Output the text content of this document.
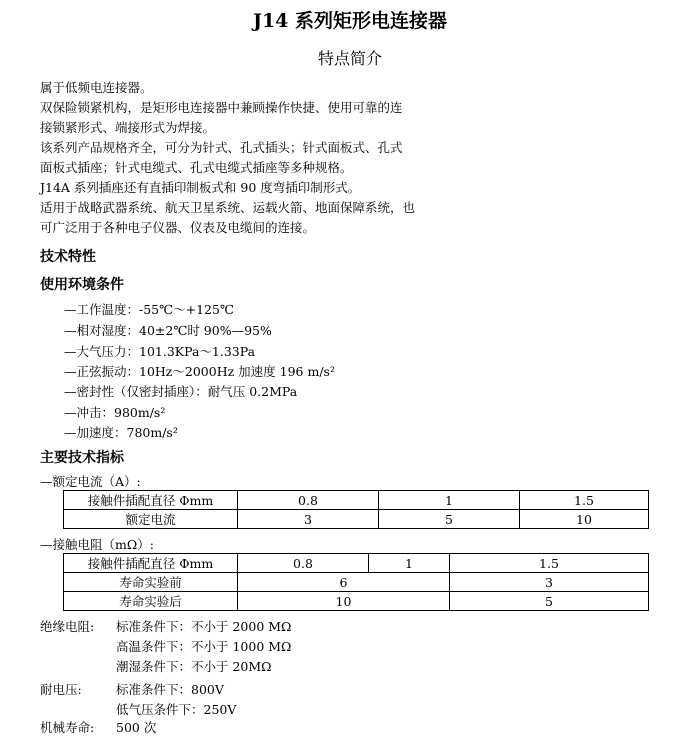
J14 系列矩形电连接器
特点简介
属于低频电连接器。
双保险锁紧机构，是矩形电连接器中兼顾操作快捷、使用可靠的连
接锁紧形式、端接形式为焊接。
该系列产品规格齐全，可分为针式、孔式插头；针式面板式、孔式
面板式插座；针式电缆式、孔式电缆式插座等多种规格。
J14A 系列插座还有直插印制板式和 90 度弯插印制形式。
适用于战略武器系统、航天卫星系统、运载火箭、地面保障系统，也
可广泛用于各种电子仪器、仪表及电缆间的连接。
技术特性
使用环境条件
—工作温度：-55℃～+125℃
—相对湿度：40±2℃时 90%—95%
—大气压力：101.3KPa～1.33Pa
—正弦振动：10Hz～2000Hz 加速度 196 m/s²
—密封性（仅密封插座）：耐气压 0.2MPa
—冲击：980m/s²
—加速度：780m/s²
主要技术指标
—额定电流（A）:
接触件插配直径 Φmm	0.8	1	1.5
额定电流	3	5	10
—接触电阻（mΩ）:
接触件插配直径 Φmm	0.8	1	1.5
寿命实验前	6		3
寿命实验后	10		5
绝缘电阻: 标准条件下：不小于 2000 MΩ
高温条件下：不小于 1000 MΩ
潮湿条件下：不小于 20MΩ
耐电压:	标准条件下：800V
低气压条件下：250V
机械寿命: 500 次
